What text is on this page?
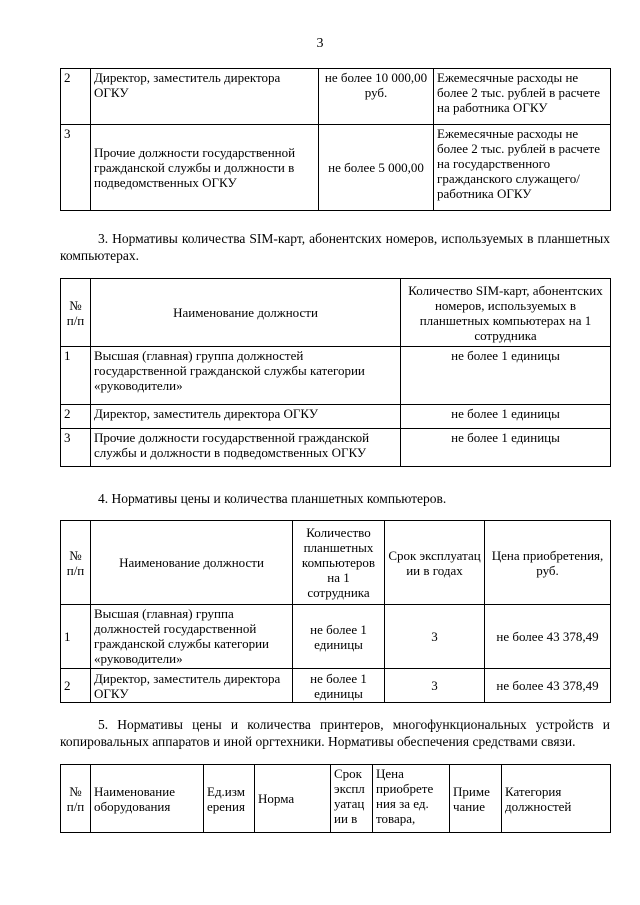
3
2	Директор, заместитель директора ОГКУ	не более 10 000,00 руб.	Ежемесячные расходы не более 2 тыс. рублей в расчете на работника ОГКУ
3	Прочие должности государственной гражданской службы и должности в подведомственных ОГКУ	не более 5 000,00	Ежемесячные расходы не более 2 тыс. рублей в расчете на государственного гражданского служащего/ работника ОГКУ
3. Нормативы количества SIM-карт, абонентских номеров, используемых в планшетных компьютерах.
№ п/п	Наименование должности	Количество SIM-карт, абонентских номеров, используемых в планшетных компьютерах на 1 сотрудника
1	Высшая (главная) группа должностей государственной гражданской службы категории «руководители»	не более 1 единицы
2	Директор, заместитель директора ОГКУ	не более 1 единицы
3	Прочие должности государственной гражданской службы и должности в подведомственных ОГКУ	не более 1 единицы
4. Нормативы цены и количества планшетных компьютеров.
№ п/п	Наименование должности	Количество планшетных компьютеров на 1 сотрудника	Срок эксплуатац ии в годах	Цена приобретения, руб.
1	Высшая (главная) группа должностей государственной гражданской службы категории «руководители»	не более 1 единицы	3	не более 43 378,49
2	Директор, заместитель директора ОГКУ	не более 1 единицы	3	не более 43 378,49
5. Нормативы цены и количества принтеров, многофункциональных устройств и копировальных аппаратов и иной оргтехники. Нормативы обеспечения средствами связи.
№ п/п	Наименование оборудования	Ед.изм ерения	Норма	Срок экспл уатац ии в	Цена приобрете ния за ед. товара,	Приме чание	Категория должностей
